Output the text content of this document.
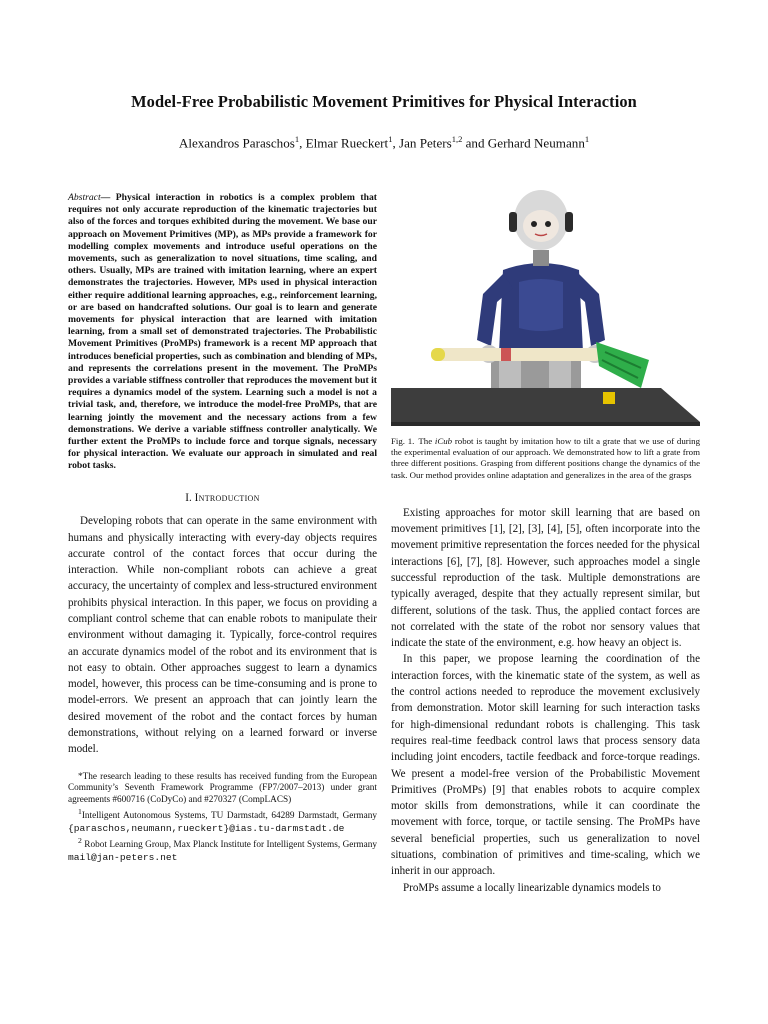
Model-Free Probabilistic Movement Primitives for Physical Interaction
Alexandros Paraschos$^1$, Elmar Rueckert$^1$, Jan Peters$^{1,2}$ and Gerhard Neumann$^1$
Abstract— Physical interaction in robotics is a complex problem that requires not only accurate reproduction of the kinematic trajectories but also of the forces and torques exhibited during the movement. We base our approach on Movement Primitives (MP), as MPs provide a framework for modelling complex movements and introduce useful operations on the movements, such as generalization to novel situations, time scaling, and others. Usually, MPs are trained with imitation learning, where an expert demonstrates the trajectories. However, MPs used in physical interaction either require additional learning approaches, e.g., reinforcement learning, or are based on handcrafted solutions. Our goal is to learn and generate movements for physical interaction that are learned with imitation learning, from a small set of demonstrated trajectories. The Probabilistic Movement Primitives (ProMPs) framework is a recent MP approach that introduces beneficial properties, such as combination and blending of MPs, and represents the correlations present in the movement. The ProMPs provides a variable stiffness controller that reproduces the movement but it requires a dynamics model of the system. Learning such a model is not a trivial task, and, therefore, we introduce the model-free ProMPs, that are learning jointly the movement and the necessary actions from a few demonstrations. We derive a variable stiffness controller analytically. We further extent the ProMPs to include force and torque signals, necessary for physical interaction. We evaluate our approach in simulated and real robot tasks.
I. Introduction

Developing robots that can operate in the same environment with humans and physically interacting with every-day objects requires accurate control of the contact forces that occur during the interaction. While non-compliant robots can achieve a great accuracy, the uncertainty of complex and less-structured environment prohibits physical interaction. In this paper, we focus on providing a compliant control scheme that can enable robots to manipulate their environment without damaging it. Typically, force-control requires an accurate dynamics model of the robot and its environment that is not easy to obtain. Other approaches suggest to learn a dynamics model, however, this process can be time-consuming and is prone to model-errors. We present an approach that can jointly learn the desired movement of the robot and the contact forces by human demonstrations, without relying on a learned forward or inverse model.

*The research leading to these results has received funding from the European Community’s Seventh Framework Programme (FP7/2007–2013) under grant agreements #600716 (CoDyCo) and #270327 (CompLACS)

$^1$Intelligent Autonomous Systems, TU Darmstadt, 64289 Darmstadt, Germany {paraschos,neumann,rueckert}@ias.tu-darmstadt.de

$^2$ Robot Learning Group, Max Planck Institute for Intelligent Systems, Germany mail@jan-peters.net

Fig. 1. The iCub robot is taught by imitation how to tilt a grate that we use of during the experimental evaluation of our approach. We demonstrated how to lift a grate from three different positions. Grasping from different positions change the dynamics of the task. Our method provides online adaptation and generalizes in the area of the grasps

Existing approaches for motor skill learning that are based on movement primitives [1], [2], [3], [4], [5], often incorporate into the movement primitive representation the forces needed for the physical interactions [6], [7], [8]. However, such approaches model a single successful reproduction of the task. Multiple demonstrations are typically averaged, despite that they actually represent similar, but different, solutions of the task. Thus, the applied contact forces are not correlated with the state of the robot nor sensory values that indicate the state of the environment, e.g. how heavy an object is.

In this paper, we propose learning the coordination of the interaction forces, with the kinematic state of the system, as well as the control actions needed to reproduce the movement exclusively from demonstration. Motor skill learning for such interaction tasks for high-dimensional redundant robots is challenging. This task requires real-time feedback control laws that process sensory data including joint encoders, tactile feedback and force-torque readings. We present a model-free version of the Probabilistic Movement Primitives (ProMPs) [9] that enables robots to acquire complex motor skills from demonstrations, while it can coordinate the movement with force, torque, or tactile sensing. The ProMPs have several beneficial properties, such us generalization to novel situations, combination of primitives and time-scaling, which we inherit in our approach.

ProMPs assume a locally linearizable dynamics models to
